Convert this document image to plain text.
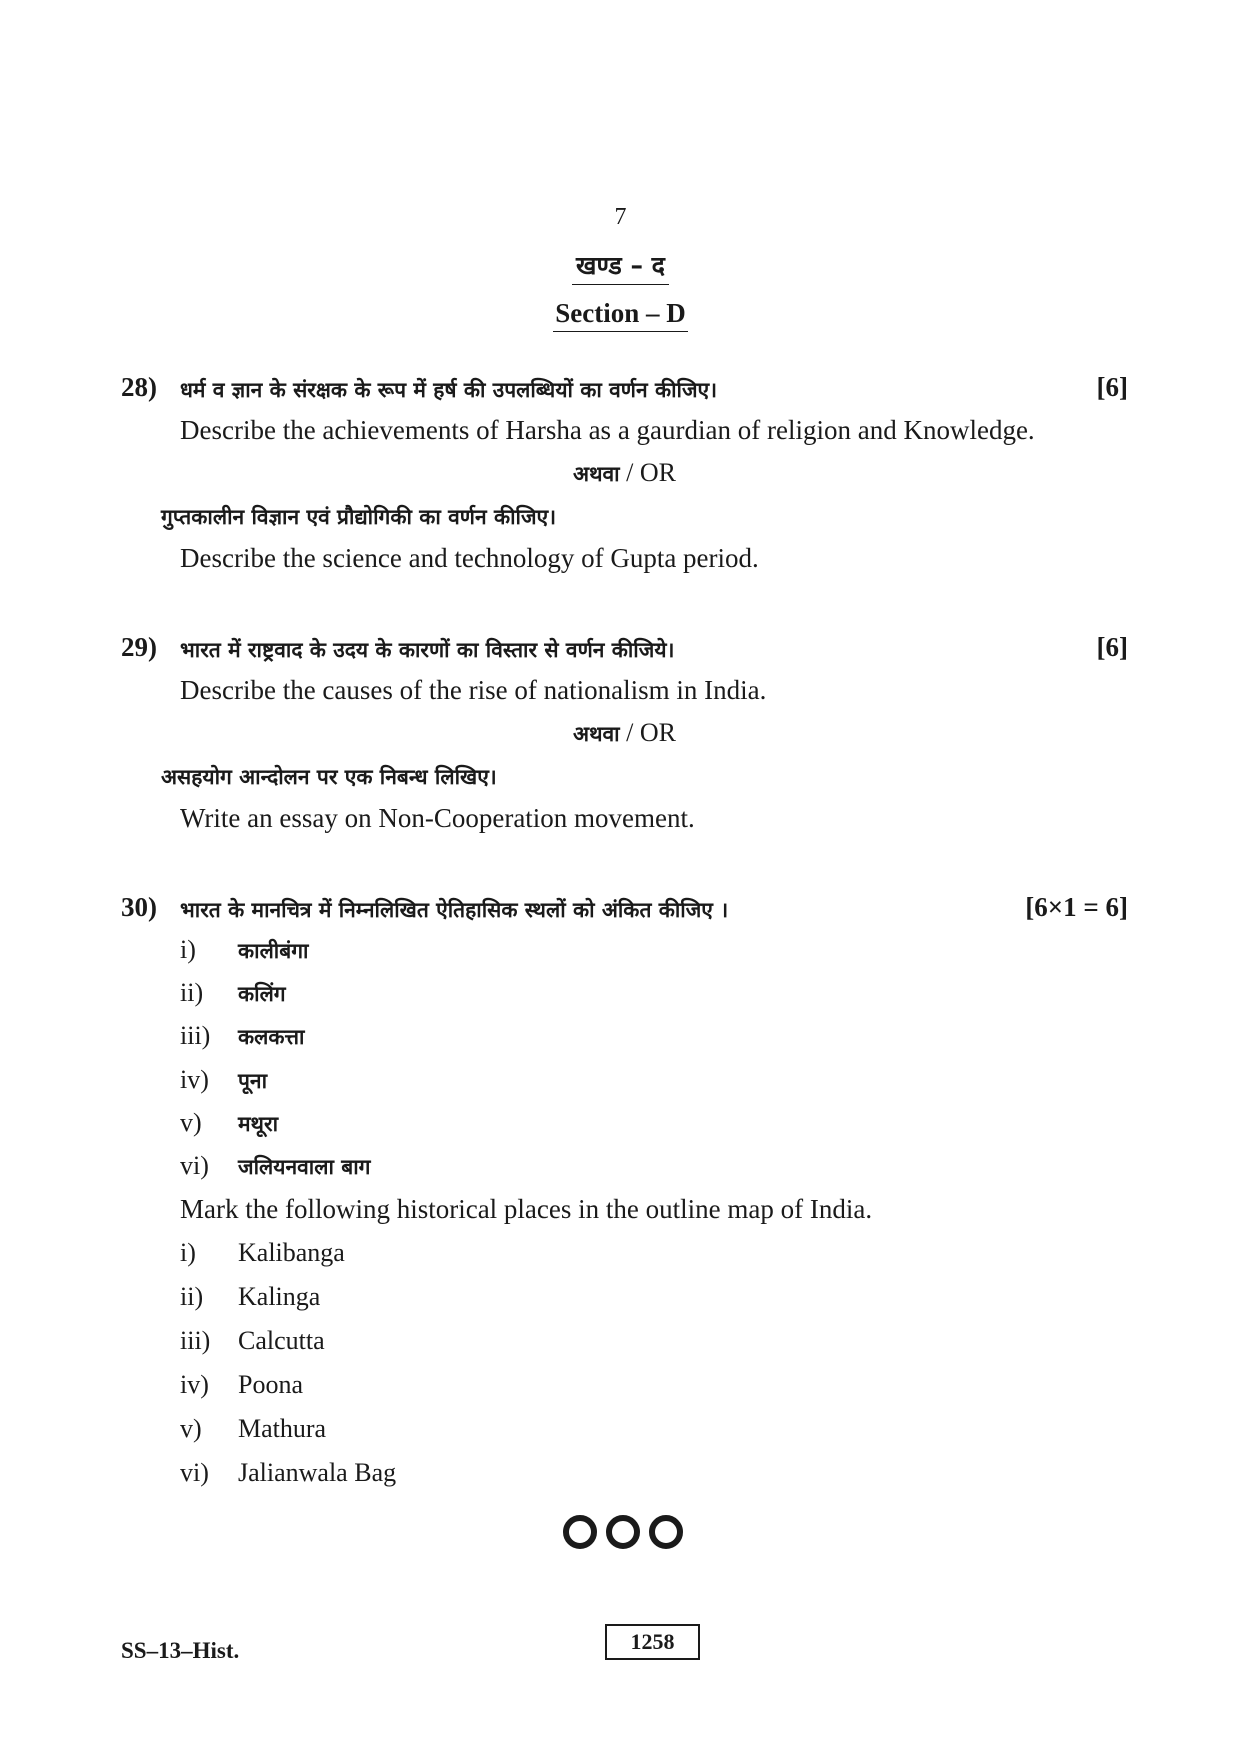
7
खण्ड – द
Section – D
28) धर्म व ज्ञान के संरक्षक के रूप में हर्ष की उपलब्धियों का वर्णन कीजिए।	[6]
Describe the achievements of Harsha as a gaurdian of religion and Knowledge.
अथवा / OR
गुप्तकालीन विज्ञान एवं प्रौद्योगिकी का वर्णन कीजिए।
Describe the science and technology of Gupta period.
29) भारत में राष्ट्रवाद के उदय के कारणों का विस्तार से वर्णन कीजिये।	[6]
Describe the causes of the rise of nationalism in India.
अथवा / OR
असहयोग आन्दोलन पर एक निबन्ध लिखिए।
Write an essay on Non-Cooperation movement.
30) भारत के मानचित्र में निम्नलिखित ऐतिहासिक स्थलों को अंकित कीजिए ।	[6×1 = 6]
i) कालीबंगा
ii) कलिंग
iii) कलकत्ता
iv) पूना
v) मथूरा
vi) जलियनवाला बाग
Mark the following historical places in the outline map of India.
i) Kalibanga
ii) Kalinga
iii) Calcutta
iv) Poona
v) Mathura
vi) Jalianwala Bag
SS–13–Hist.	1258
